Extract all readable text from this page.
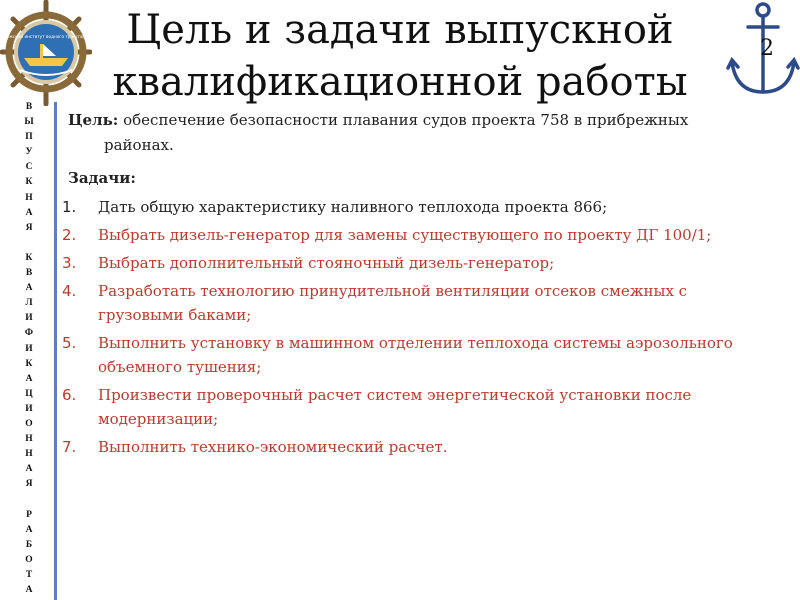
Волжский институт водного транспорта Цель и задачи выпускной
квалификационной работы
2
В
Ы
П
У
С
К
Н
А
Я

К
В
А
Л
И
Ф
И
К
А
Ц
И
О
Н
Н
А
Я

Р
А
Б
О
Т
А
Цель: обеспечение безопасности плавания судов проекта 758 в прибрежных
районах.
Задачи:
1.	Дать общую характеристику наливного теплохода проекта 866;
2.	Выбрать дизель-генератор для замены существующего по проекту ДГ 100/1;
3.	Выбрать дополнительный стояночный дизель-генератор;
4.	Разработать технологию принудительной вентиляции отсеков смежных с грузовыми баками;
5.	Выполнить установку в машинном отделении теплохода системы аэрозольного объемного тушения;
6.	Произвести проверочный расчет систем энергетической установки после модернизации;
7.	Выполнить технико-экономический расчет.
